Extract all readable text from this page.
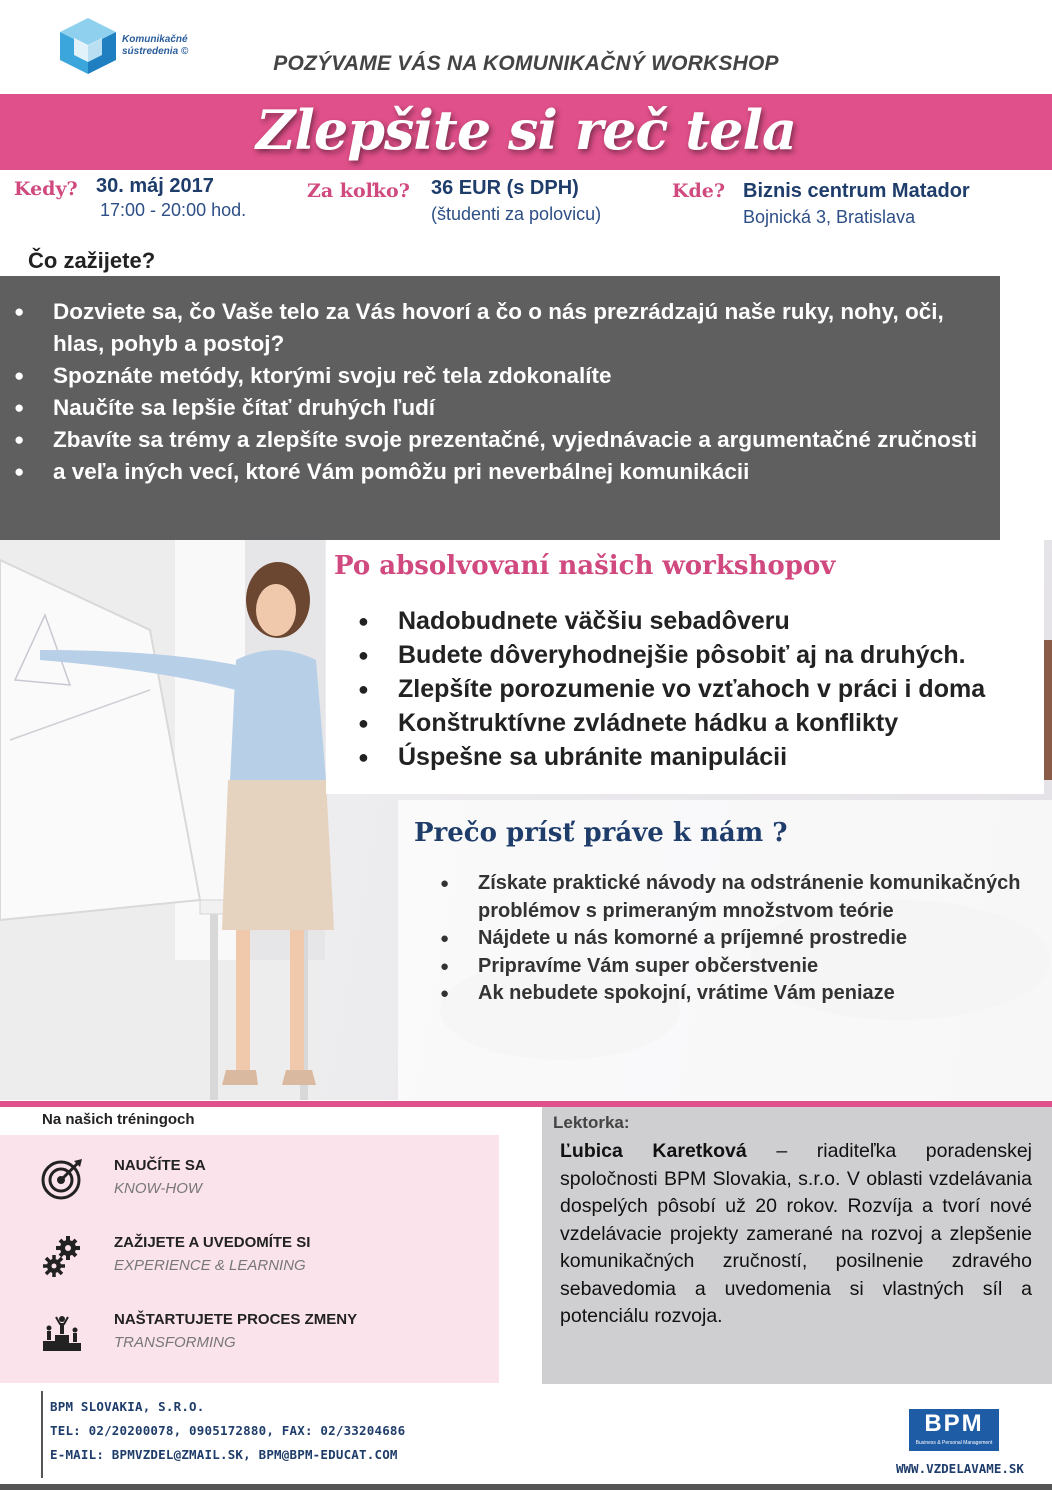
Komunikačné
sústredenia ©
POZÝVAME VÁS NA KOMUNIKAČNÝ WORKSHOP
Zlepšite si reč tela
Kedy? 30. máj 2017
17:00 - 20:00 hod.
Za koľko? 36 EUR (s DPH)
(študenti za polovicu)
Kde? Biznis centrum Matador
Bojnická 3, Bratislava
Čo zažijete?
● Dozviete sa, čo Vaše telo za Vás hovorí a čo o nás prezrádzajú naše ruky, nohy, oči, hlas, pohyb a postoj?
● Spoznáte metódy, ktorými svoju reč tela zdokonalíte
● Naučíte sa lepšie čítať druhých ľudí
● Zbavíte sa trémy a zlepšíte svoje prezentačné, vyjednávacie a argumentačné zručnosti
● a veľa iných vecí, ktoré Vám pomôžu pri neverbálnej komunikácii
Po absolvovaní našich workshopov
● Nadobudnete väčšiu sebadôveru
● Budete dôveryhodnejšie pôsobiť aj na druhých.
● Zlepšíte porozumenie vo vzťahoch v práci i doma
● Konštruktívne zvládnete hádku a konflikty
● Úspešne sa ubránite manipulácii
Prečo prísť práve k nám ?
● Získate praktické návody na odstránenie komunikačných problémov s primeraným množstvom teórie
● Nájdete u nás komorné a príjemné prostredie
● Pripravíme Vám super občerstvenie
● Ak nebudete spokojní, vrátime Vám peniaze
Na našich tréningoch
NAUČÍTE SA
KNOW-HOW
ZAŽIJETE A UVEDOMÍTE SI
EXPERIENCE & LEARNING
NAŠTARTUJETE PROCES ZMENY
TRANSFORMING
Lektorka:
Ľubica Karetková – riaditeľka poradenskej spoločnosti BPM Slovakia, s.r.o. V oblasti vzdelávania dospelých pôsobí už 20 rokov. Rozvíja a tvorí nové vzdelávacie projekty zamerané na rozvoj a zlepšenie komunikačných zručností, posilnenie zdravého sebavedomia a uvedomenia si vlastných síl a potenciálu rozvoja.
BPM SLOVAKIA, S.R.O.
TEL: 02/20200078, 0905172880, FAX: 02/33204686
E-MAIL: BPMVZDEL@ZMAIL.SK, BPM@BPM-EDUCAT.COM
BPM
Business & Personal Management
WWW.VZDELAVAME.SK
